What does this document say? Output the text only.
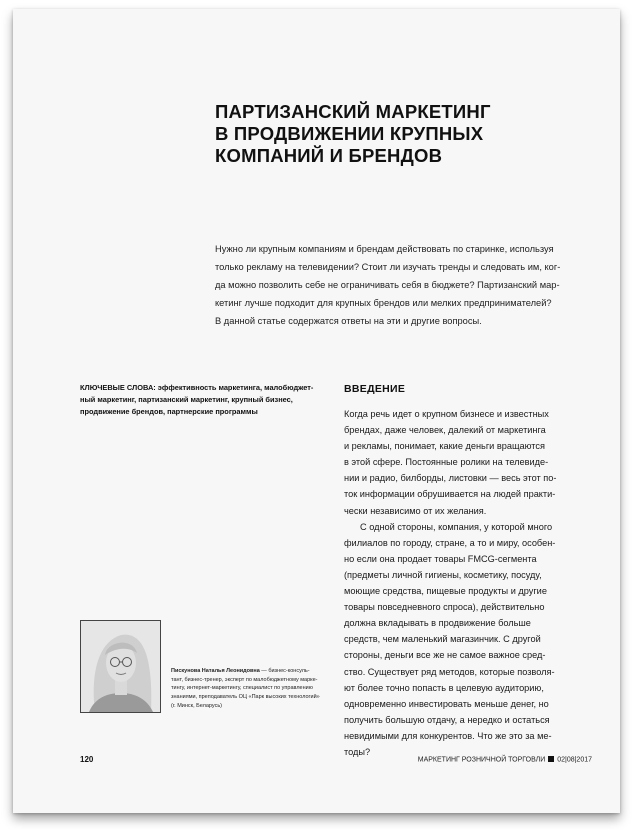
ПАРТИЗАНСКИЙ МАРКЕТИНГ
В ПРОДВИЖЕНИИ КРУПНЫХ
КОМПАНИЙ И БРЕНДОВ
Нужно ли крупным компаниям и брендам действовать по старинке, используя
только рекламу на телевидении? Стоит ли изучать тренды и следовать им, ког-
да можно позволить себе не ограничивать себя в бюджете? Партизанский мар-
кетинг лучше подходит для крупных брендов или мелких предпринимателей?
В данной статье содержатся ответы на эти и другие вопросы.
КЛЮЧЕВЫЕ СЛОВА: эффективность маркетинга, малобюджет-
ный маркетинг, партизанский маркетинг, крупный бизнес,
продвижение брендов, партнерские программы
ВВЕДЕНИЕ
Когда речь идет о крупном бизнесе и известных
брендах, даже человек, далекий от маркетинга
и рекламы, понимает, какие деньги вращаются
в этой сфере. Постоянные ролики на телевиде-
нии и радио, билборды, листовки — весь этот по-
ток информации обрушивается на людей практи-
чески независимо от их желания.
С одной стороны, компания, у которой много
филиалов по городу, стране, а то и миру, особен-
но если она продает товары FMCG-сегмента
(предметы личной гигиены, косметику, посуду,
моющие средства, пищевые продукты и другие
товары повседневного спроса), действительно
должна вкладывать в продвижение больше
средств, чем маленький магазинчик. С другой
стороны, деньги все же не самое важное сред-
ство. Существует ряд методов, которые позволя-
ют более точно попасть в целевую аудиторию,
одновременно инвестировать меньше денег, но
получить большую отдачу, а нередко и остаться
невидимыми для конкурентов. Что же это за ме-
тоды?
Пискунова Наталья Леонидовна — бизнес-консуль-
тант, бизнес-тренер, эксперт по малобюджетному марке-
тингу, интернет-маркетингу, специалист по управлению
знаниями, преподаватель ОЦ «Парк высоких технологий»
(г. Минск, Беларусь)
120	МАРКЕТИНГ РОЗНИЧНОЙ ТОРГОВЛИ 02|08|2017
